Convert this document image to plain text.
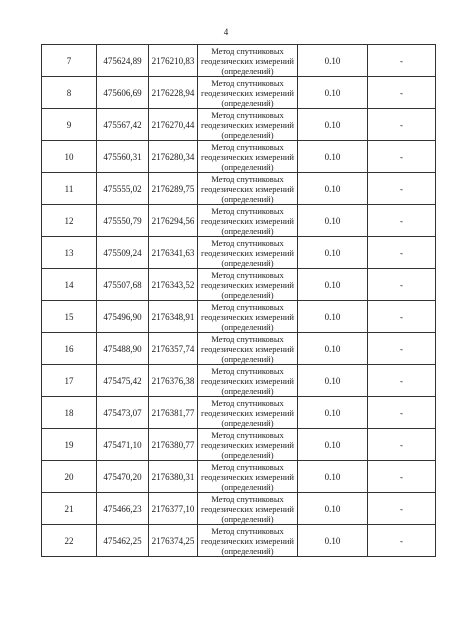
4
7	475624,89	2176210,83	Метод спутниковых геодезических измерений (определений)	0.10	-
8	475606,69	2176228,94	Метод спутниковых геодезических измерений (определений)	0.10	-
9	475567,42	2176270,44	Метод спутниковых геодезических измерений (определений)	0.10	-
10	475560,31	2176280,34	Метод спутниковых геодезических измерений (определений)	0.10	-
11	475555,02	2176289,75	Метод спутниковых геодезических измерений (определений)	0.10	-
12	475550,79	2176294,56	Метод спутниковых геодезических измерений (определений)	0.10	-
13	475509,24	2176341,63	Метод спутниковых геодезических измерений (определений)	0.10	-
14	475507,68	2176343,52	Метод спутниковых геодезических измерений (определений)	0.10	-
15	475496,90	2176348,91	Метод спутниковых геодезических измерений (определений)	0.10	-
16	475488,90	2176357,74	Метод спутниковых геодезических измерений (определений)	0.10	-
17	475475,42	2176376,38	Метод спутниковых геодезических измерений (определений)	0.10	-
18	475473,07	2176381,77	Метод спутниковых геодезических измерений (определений)	0.10	-
19	475471,10	2176380,77	Метод спутниковых геодезических измерений (определений)	0.10	-
20	475470,20	2176380,31	Метод спутниковых геодезических измерений (определений)	0.10	-
21	475466,23	2176377,10	Метод спутниковых геодезических измерений (определений)	0.10	-
22	475462,25	2176374,25	Метод спутниковых геодезических измерений (определений)	0.10	-
